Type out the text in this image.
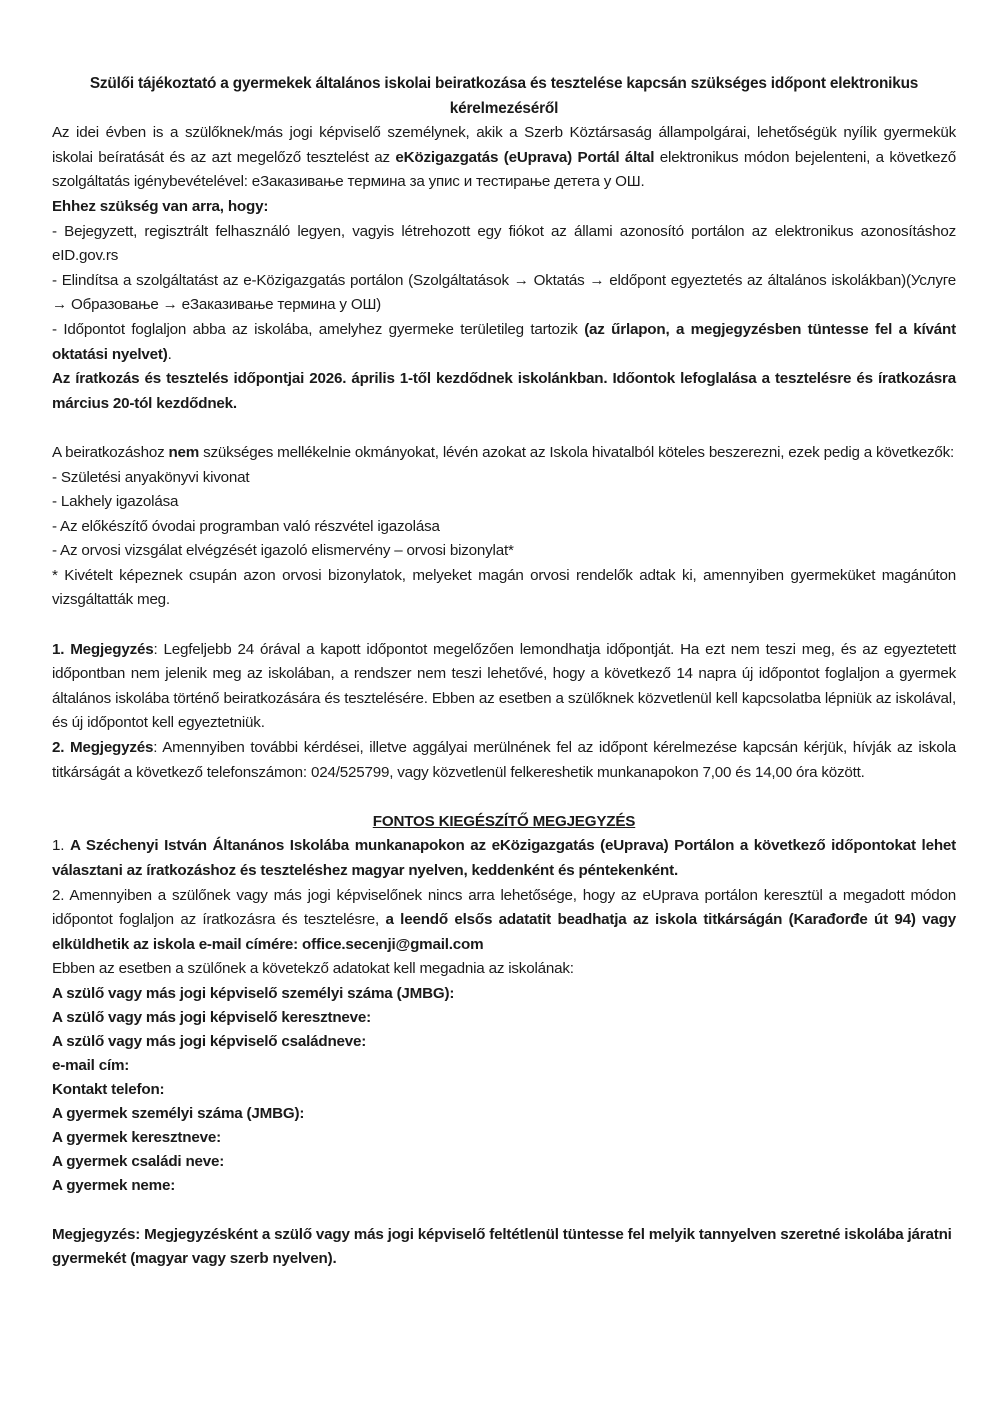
Szülői tájékoztató a gyermekek általános iskolai beiratkozása és tesztelése kapcsán szükséges időpont elektronikus kérelmezéséről

Az idei évben is a szülőknek/más jogi képviselő személynek, akik a Szerb Köztársaság állampolgárai, lehetőségük nyílik gyermekük iskolai beíratását és az azt megelőző tesztelést az eKözigazgatás (eUprava) Portál által elektronikus módon bejelenteni, a következő szolgáltatás igénybevételével: eЗаказивање термина за упис и тестирање детета у ОШ.

Ehhez szükség van arra, hogy:

- Bejegyzett, regisztrált felhasználó legyen, vagyis létrehozott egy fiókot az állami azonosító portálon az elektronikus azonosításhoz eID.gov.rs

- Elindítsa a szolgáltatást az e-Közigazgatás portálon (Szolgáltatások → Oktatás → eldőpont egyeztetés az általános iskolákban)(Услуге → Образовање → eЗаказивање термина у ОШ)

- Időpontot foglaljon abba az iskolába, amelyhez gyermeke területileg tartozik (az űrlapon, a megjegyzésben tüntesse fel a kívánt oktatási nyelvet).

Az íratkozás és tesztelés időpontjai 2026. április 1-től kezdődnek iskolánkban. Időontok lefoglalása a tesztelésre és íratkozásra március 20-tól kezdődnek.

A beiratkozáshoz nem szükséges mellékelnie okmányokat, lévén azokat az Iskola hivatalból köteles beszerezni, ezek pedig a következők:

- Születési anyakönyvi kivonat

- Lakhely igazolása

- Az előkészítő óvodai programban való részvétel igazolása

- Az orvosi vizsgálat elvégzését igazoló elismervény – orvosi bizonylat*

* Kivételt képeznek csupán azon orvosi bizonylatok, melyeket magán orvosi rendelők adtak ki, amennyiben gyermeküket magánúton vizsgáltatták meg.

1. Megjegyzés: Legfeljebb 24 órával a kapott időpontot megelőzően lemondhatja időpontját. Ha ezt nem teszi meg, és az egyeztetett időpontban nem jelenik meg az iskolában, a rendszer nem teszi lehetővé, hogy a következő 14 napra új időpontot foglaljon a gyermek általános iskolába történő beiratkozására és tesztelésére. Ebben az esetben a szülőknek közvetlenül kell kapcsolatba lépniük az iskolával, és új időpontot kell egyeztetniük.

2. Megjegyzés: Amennyiben további kérdései, illetve aggályai merülnének fel az időpont kérelmezése kapcsán kérjük, hívják az iskola titkárságát a következő telefonszámon: 024/525799, vagy közvetlenül felkereshetik munkanapokon 7,00 és 14,00 óra között.

FONTOS KIEGÉSZÍTŐ MEGJEGYZÉS

1. A Széchenyi István Áltanános Iskolába munkanapokon az eKözigazgatás (eUprava) Portálon a következő időpontokat lehet választani az íratkozáshoz és teszteléshez magyar nyelven, keddenként és péntekenként.

2. Amennyiben a szülőnek vagy más jogi képviselőnek nincs arra lehetősége, hogy az eUprava portálon keresztül a megadott módon időpontot foglaljon az íratkozásra és tesztelésre, a leendő elsős adatatit beadhatja az iskola titkárságán (Karađorđe út 94) vagy elküldhetik az iskola e-mail címére: office.secenji@gmail.com

Ebben az esetben a szülőnek a követekző adatokat kell megadnia az iskolának:

A szülő vagy más jogi képviselő személyi száma (JMBG):

A szülő vagy más jogi képviselő keresztneve:

A szülő vagy más jogi képviselő családneve:

e-mail cím:

Kontakt telefon:

A gyermek személyi száma (JMBG):

A gyermek keresztneve:

A gyermek családi neve:

A gyermek neme:

Megjegyzés: Megjegyzésként a szülő vagy más jogi képviselő feltétlenül tüntesse fel melyik tannyelven szeretné iskolába járatni gyermekét (magyar vagy szerb nyelven).
